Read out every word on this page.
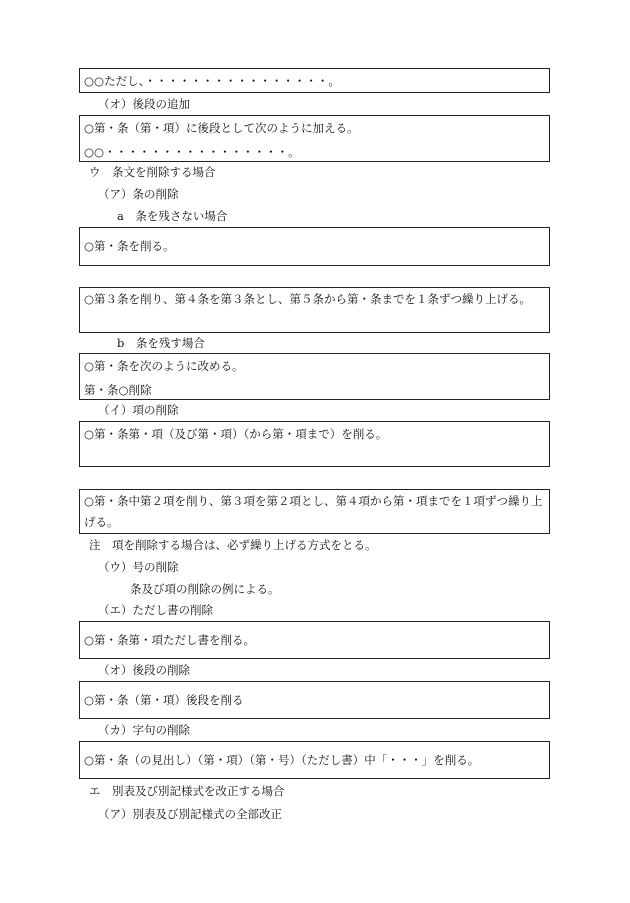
○○ただし、・・・・・・・・・・・・・・・・。
（オ）後段の追加
○第・条（第・項）に後段として次のように加える。
○○・・・・・・・・・・・・・・・・。
ウ　条文を削除する場合
（ア）条の削除
a　条を残さない場合
○第・条を削る。
○第３条を削り、第４条を第３条とし、第５条から第・条までを１条ずつ繰り上げる。
b　条を残す場合
○第・条を次のように改める。
第・条○削除
（イ）項の削除
○第・条第・項（及び第・項）（から第・項まで）を削る。
○第・条中第２項を削り、第３項を第２項とし、第４項から第・項までを１項ずつ繰り上げる。
注　項を削除する場合は、必ず繰り上げる方式をとる。
（ウ）号の削除
条及び項の削除の例による。
（エ）ただし書の削除
○第・条第・項ただし書を削る。
（オ）後段の削除
○第・条（第・項）後段を削る
（カ）字句の削除
○第・条（の見出し）（第・項）（第・号）（ただし書）中「・・・」を削る。
エ　別表及び別記様式を改正する場合
（ア）別表及び別記様式の全部改正
